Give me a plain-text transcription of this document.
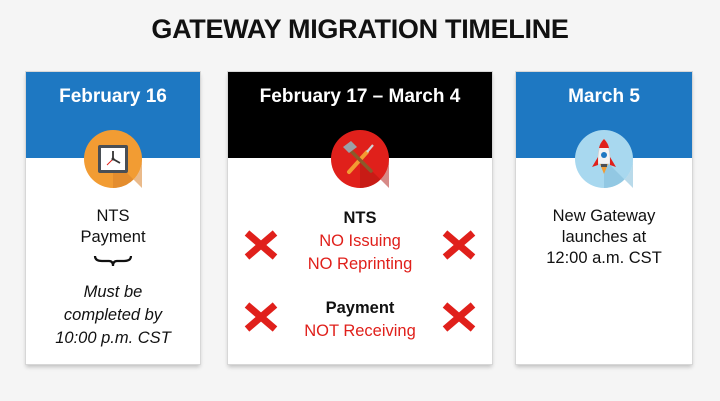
GATEWAY MIGRATION TIMELINE
February 16
NTS
Payment
Must be
completed by
10:00 p.m. CST
February 17 – March 4
NTS
NO Issuing
NO Reprinting
Payment
NOT Receiving
March 5
New Gateway
launches at
12:00 a.m. CST
